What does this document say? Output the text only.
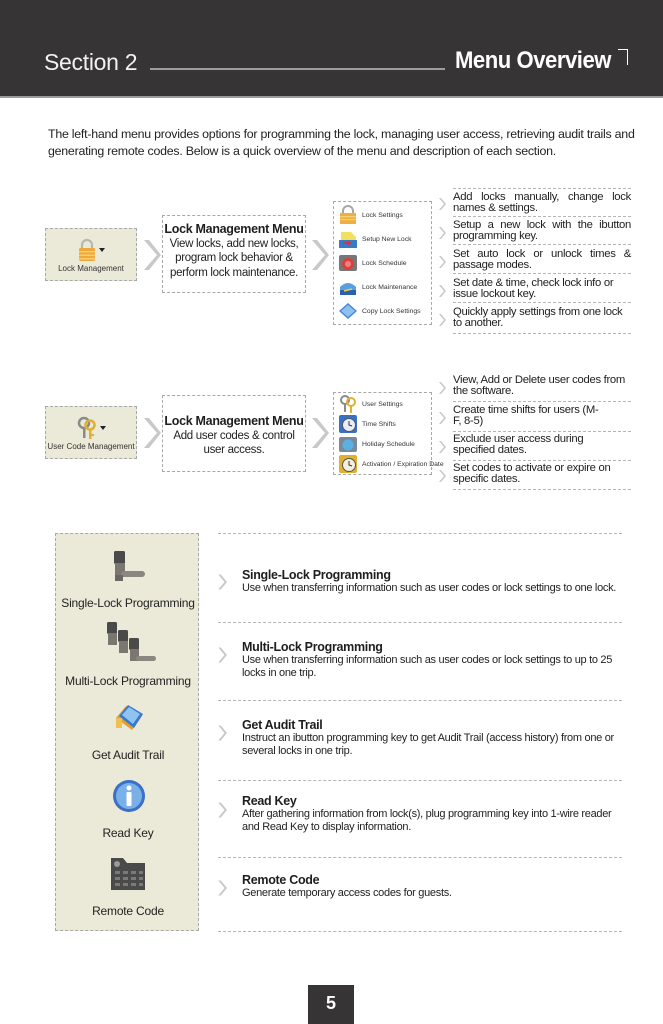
Section 2	Menu Overview

The left-hand menu provides options for programming the lock, managing user access, retrieving audit trails and generating remote codes. Below is a quick overview of the menu and description of each section.

Lock Management
Lock Management Menu
View locks, add new locks, program lock behavior & perform lock maintenance.
Lock Settings
Setup New Lock
Lock Schedule
Lock Maintenance
Copy Lock Settings
Add locks manually, change lock names & settings.
Setup a new lock with the ibutton programming key.
Set auto lock or unlock times & passage modes.
Set date & time, check lock info or issue lockout key.
Quickly apply settings from one lock to another.
User Code Management
Lock Management Menu
Add user codes & control user access.
User Settings
Time Shifts
Holiday Schedule
Activation / Expiration Date
View, Add or Delete user codes from the software.
Create time shifts for users (M-F, 8-5)
Exclude user access during specified dates.
Set codes to activate or expire on specific dates.
Single-Lock Programming
Multi-Lock Programming
Get Audit Trail
Read Key
Remote Code
Single-Lock Programming
Use when transferring information such as user codes or lock settings to one lock.
Multi-Lock Programming
Use when transferring information such as user codes or lock settings to up to 25 locks in one trip.
Get Audit Trail
Instruct an ibutton programming key to get Audit Trail (access history) from one or several locks in one trip.
Read Key
After gathering information from lock(s), plug programming key into 1-wire reader and Read Key to display information.
Remote Code
Generate temporary access codes for guests.
5
